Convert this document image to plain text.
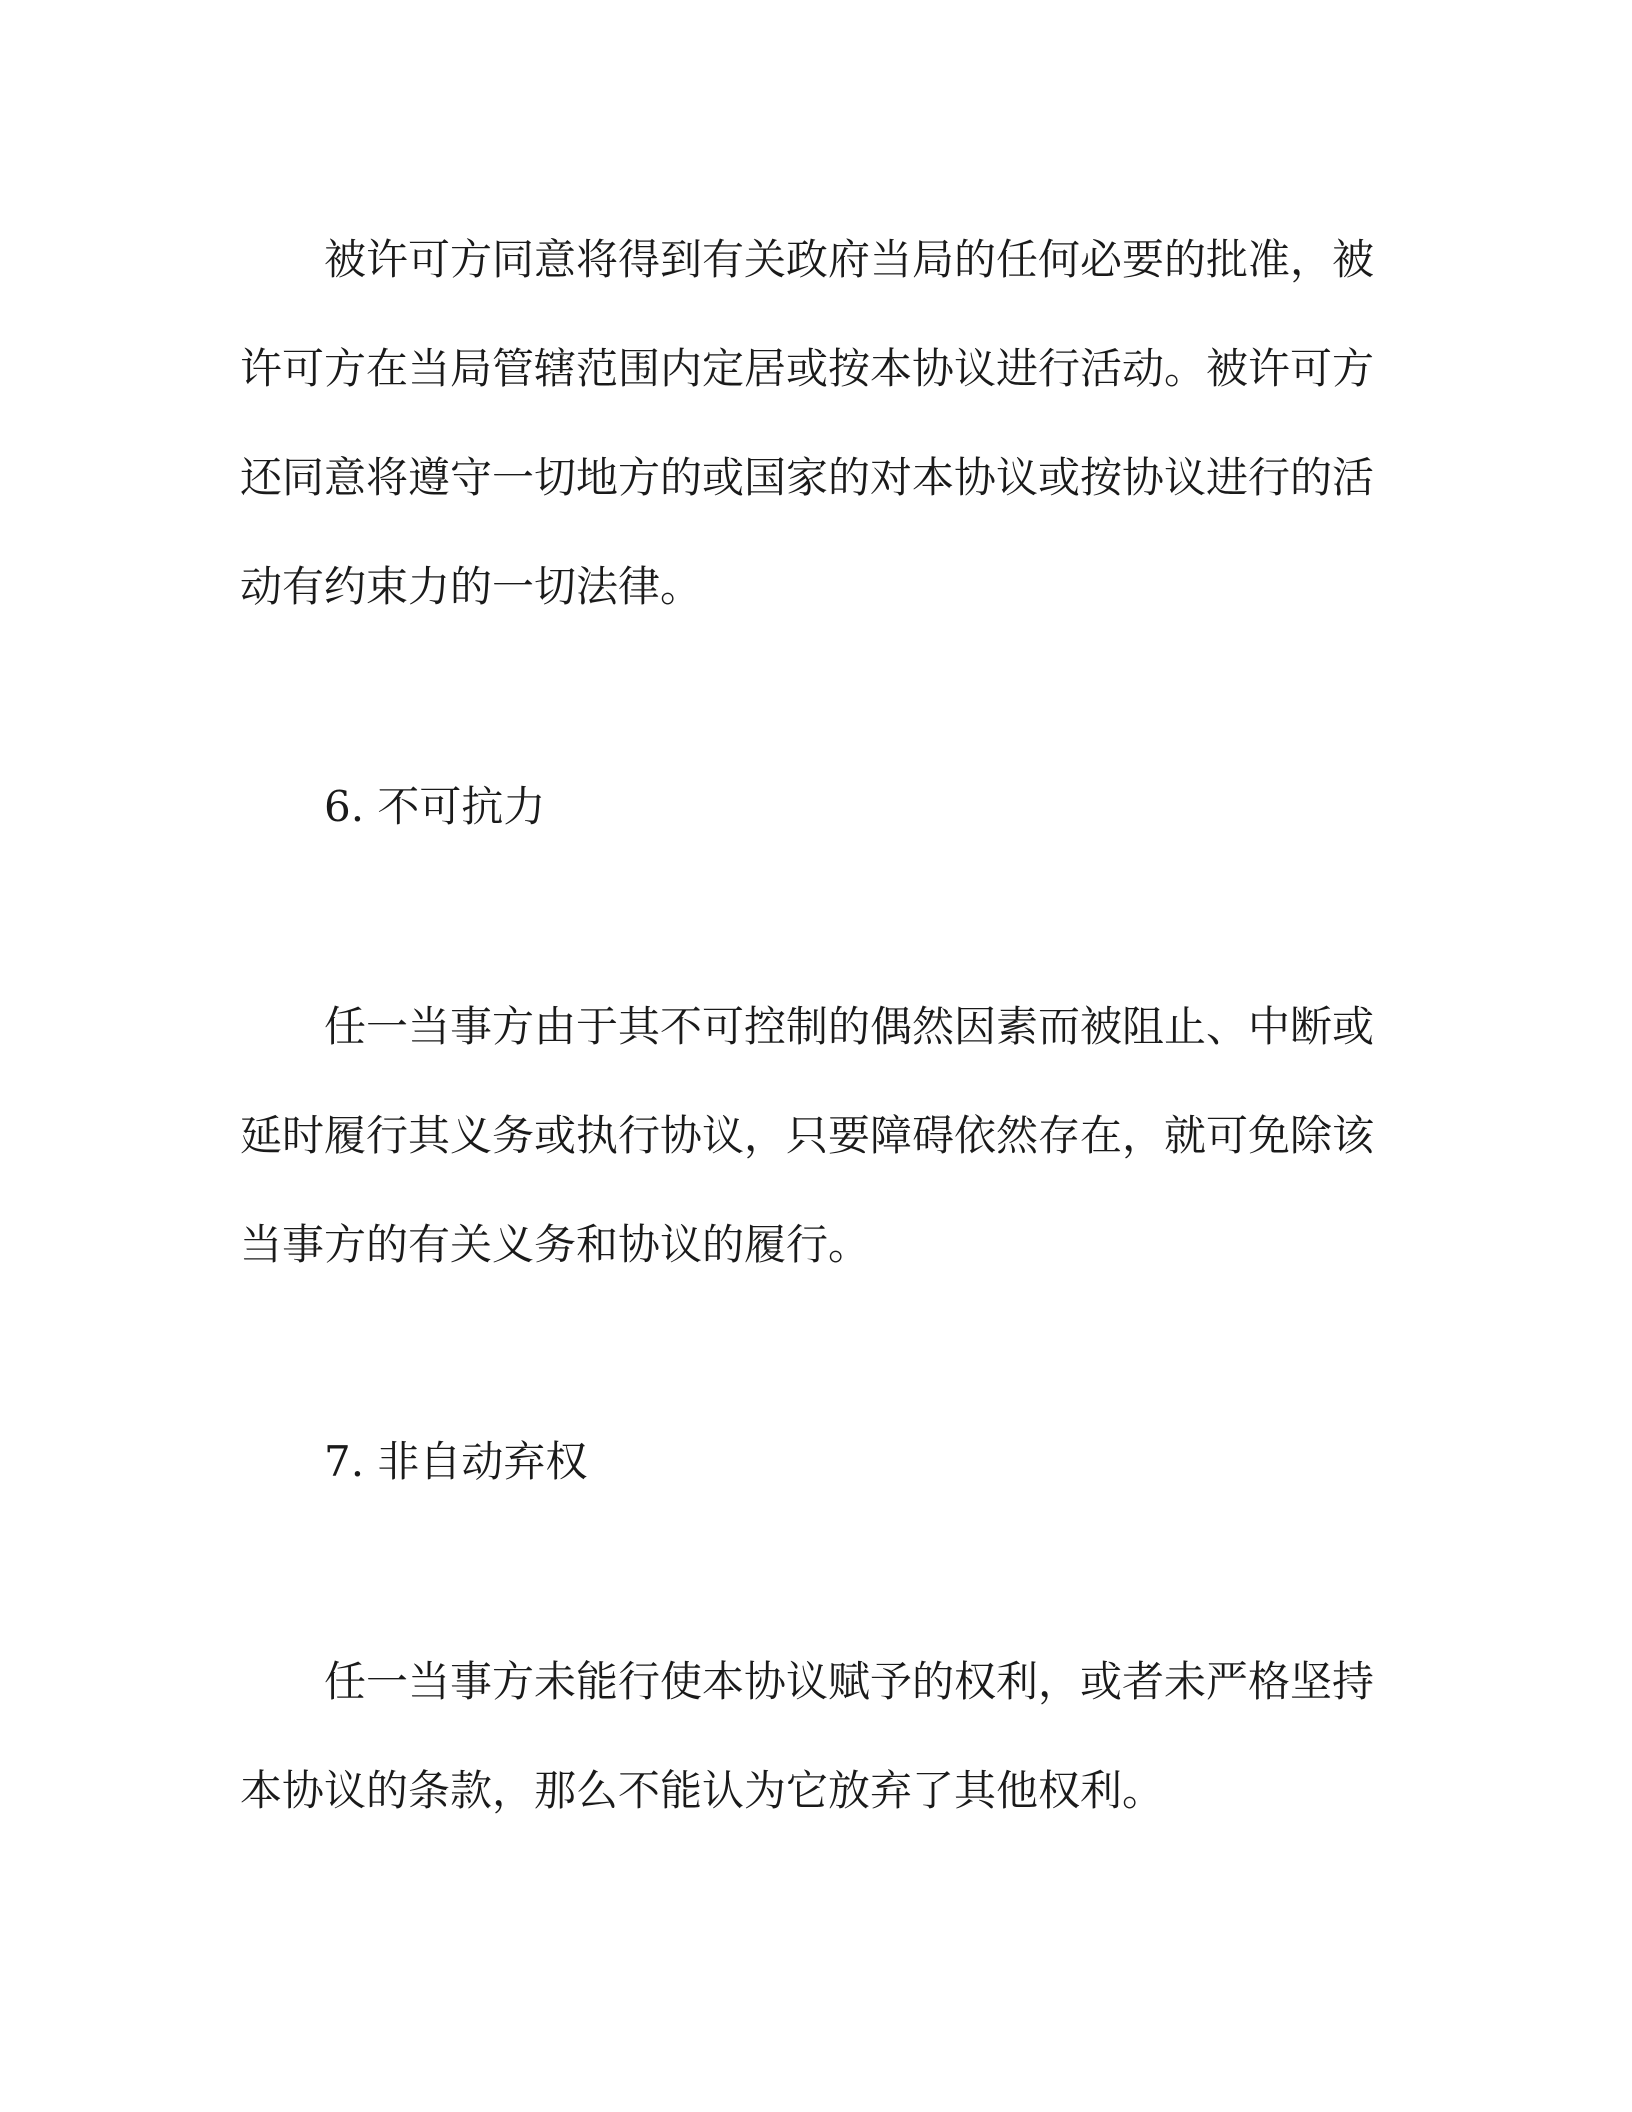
被许可方同意将得到有关政府当局的任何必要的批准，被许可方在当局管辖范围内定居或按本协议进行活动。被许可方还同意将遵守一切地方的或国家的对本协议或按协议进行的活动有约束力的一切法律。

6. 不可抗力

任一当事方由于其不可控制的偶然因素而被阻止、中断或延时履行其义务或执行协议，只要障碍依然存在，就可免除该当事方的有关义务和协议的履行。

7. 非自动弃权

任一当事方未能行使本协议赋予的权利，或者未严格坚持本协议的条款，那么不能认为它放弃了其他权利。
